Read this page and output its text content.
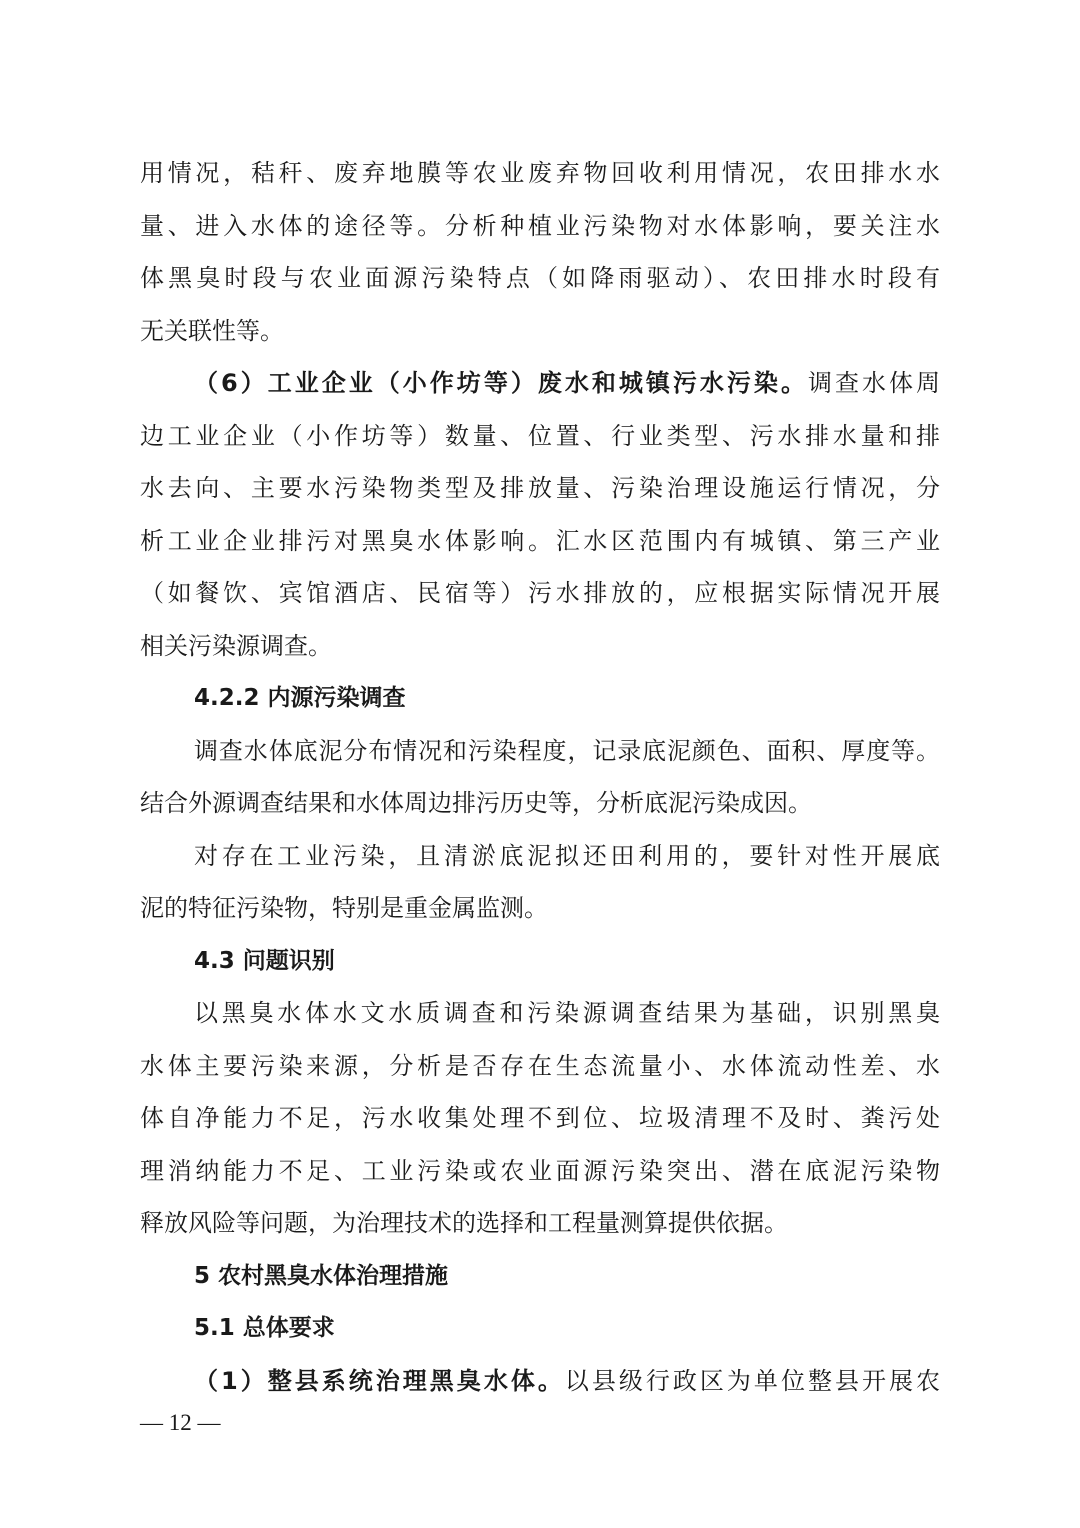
用情况，秸秆、废弃地膜等农业废弃物回收利用情况，农田排水水
量、进入水体的途径等。分析种植业污染物对水体影响，要关注水
体黑臭时段与农业面源污染特点（如降雨驱动）、农田排水时段有
无关联性等。
（6）工业企业（小作坊等）废水和城镇污水污染。调查水体周
边工业企业（小作坊等）数量、位置、行业类型、污水排水量和排
水去向、主要水污染物类型及排放量、污染治理设施运行情况，分
析工业企业排污对黑臭水体影响。汇水区范围内有城镇、第三产业
（如餐饮、宾馆酒店、民宿等）污水排放的，应根据实际情况开展
相关污染源调查。
4.2.2 内源污染调查
调查水体底泥分布情况和污染程度，记录底泥颜色、面积、厚度等。
结合外源调查结果和水体周边排污历史等，分析底泥污染成因。
对存在工业污染，且清淤底泥拟还田利用的，要针对性开展底
泥的特征污染物，特别是重金属监测。
4.3 问题识别
以黑臭水体水文水质调查和污染源调查结果为基础，识别黑臭
水体主要污染来源，分析是否存在生态流量小、水体流动性差、水
体自净能力不足，污水收集处理不到位、垃圾清理不及时、粪污处
理消纳能力不足、工业污染或农业面源污染突出、潜在底泥污染物
释放风险等问题，为治理技术的选择和工程量测算提供依据。
5 农村黑臭水体治理措施
5.1 总体要求
（1）整县系统治理黑臭水体。以县级行政区为单位整县开展农
— 12 —
